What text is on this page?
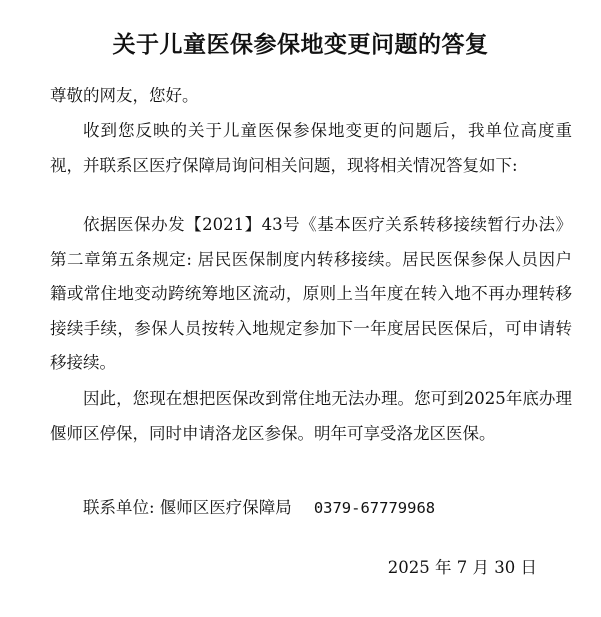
关于儿童医保参保地变更问题的答复
尊敬的网友，您好。

收到您反映的关于儿童医保参保地变更的问题后，我单位高度重视，并联系区医疗保障局询问相关问题，现将相关情况答复如下:

依据医保办发【2021】43号《基本医疗关系转移接续暂行办法》第二章第五条规定: 居民医保制度内转移接续。居民医保参保人员因户籍或常住地变动跨统筹地区流动，原则上当年度在转入地不再办理转移接续手续，参保人员按转入地规定参加下一年度居民医保后，可申请转移接续。

因此，您现在想把医保改到常住地无法办理。您可到2025年底办理偃师区停保，同时申请洛龙区参保。明年可享受洛龙区医保。

联系单位: 偃师区医疗保障局 0379-67779968
2025 年 7 月 30 日
